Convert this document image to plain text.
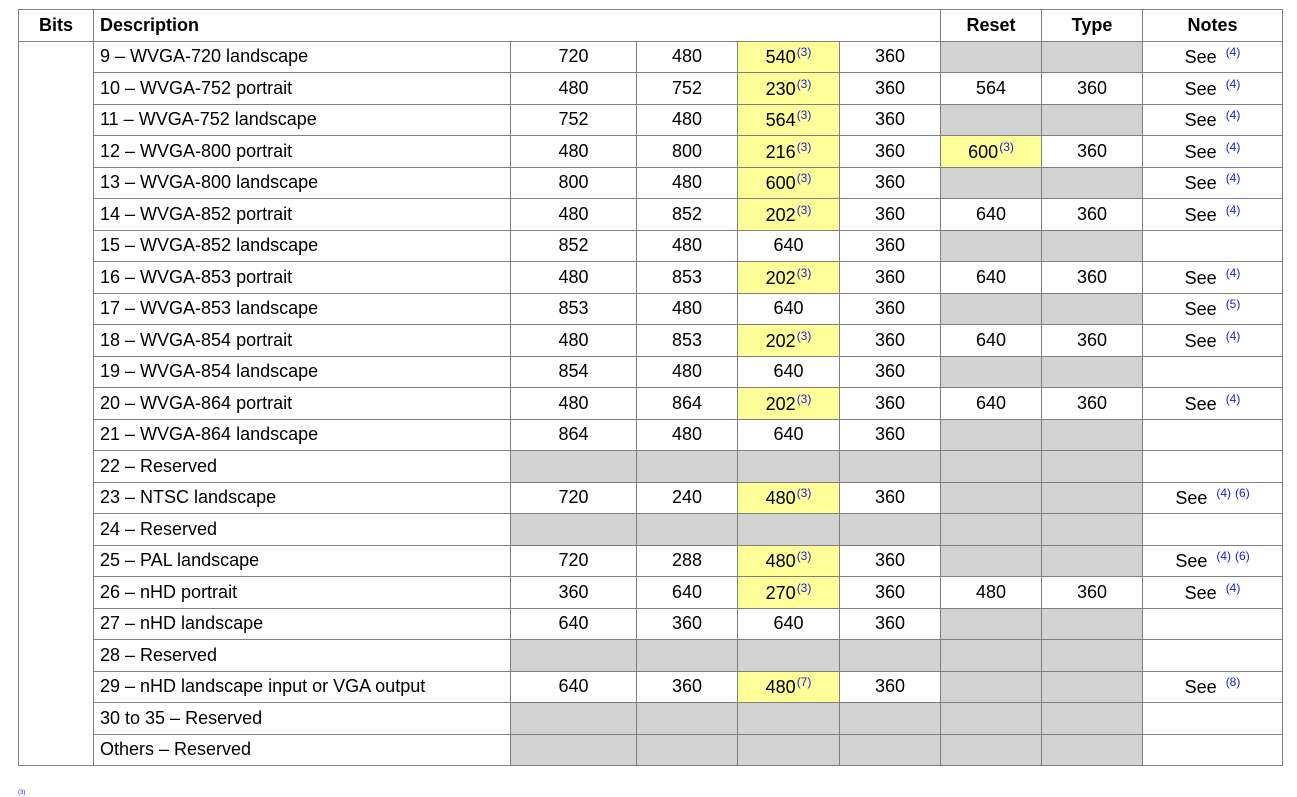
Bits	Description					Reset	Type	Notes
	9 – WVGA-720 landscape	720	480	540$^{(3)}$	360			See $^{(4)}$
	10 – WVGA-752 portrait	480	752	230$^{(3)}$	360	564	360	See $^{(4)}$
	11 – WVGA-752 landscape	752	480	564$^{(3)}$	360			See $^{(4)}$
	12 – WVGA-800 portrait	480	800	216$^{(3)}$	360	600$^{(3)}$	360	See $^{(4)}$
	13 – WVGA-800 landscape	800	480	600$^{(3)}$	360			See $^{(4)}$
	14 – WVGA-852 portrait	480	852	202$^{(3)}$	360	640	360	See $^{(4)}$
	15 – WVGA-852 landscape	852	480	640	360			
	16 – WVGA-853 portrait	480	853	202$^{(3)}$	360	640	360	See $^{(4)}$
	17 – WVGA-853 landscape	853	480	640	360			See $^{(5)}$
	18 – WVGA-854 portrait	480	853	202$^{(3)}$	360	640	360	See $^{(4)}$
	19 – WVGA-854 landscape	854	480	640	360			
	20 – WVGA-864 portrait	480	864	202$^{(3)}$	360	640	360	See $^{(4)}$
	21 – WVGA-864 landscape	864	480	640	360			
	22 – Reserved							
	23 – NTSC landscape	720	240	480$^{(3)}$	360			See $^{(4)}$ $^{(6)}$
	24 – Reserved							
	25 – PAL landscape	720	288	480$^{(3)}$	360			See $^{(4)}$ $^{(6)}$
	26 – nHD portrait	360	640	270$^{(3)}$	360	480	360	See $^{(4)}$
	27 – nHD landscape	640	360	640	360			
	28 – Reserved							
	29 – nHD landscape input or VGA output	640	360	480$^{(7)}$	360			See $^{(8)}$
	30 to 35 – Reserved							
	Others – Reserved							
(3)
